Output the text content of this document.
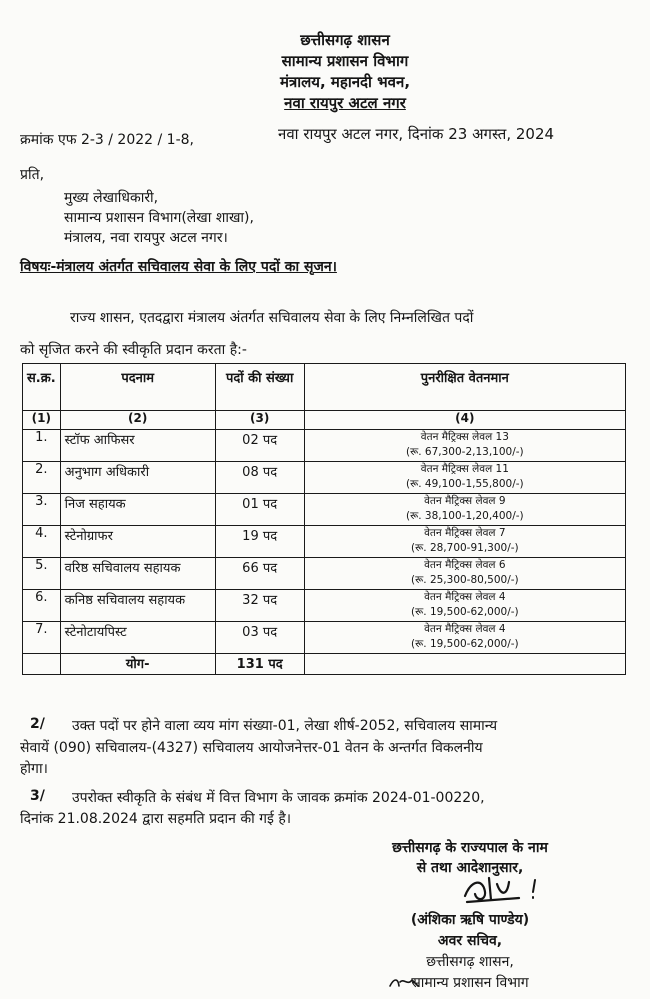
छत्तीसगढ़ शासन
सामान्य प्रशासन विभाग
मंत्रालय, महानदी भवन,
नवा रायपुर अटल नगर
क्रमांक एफ 2-3 / 2022 / 1-8,	नवा रायपुर अटल नगर, दिनांक 23 अगस्त, 2024
प्रति,
मुख्य लेखाधिकारी,
सामान्य प्रशासन विभाग(लेखा शाखा),
मंत्रालय, नवा रायपुर अटल नगर।
विषयः-मंत्रालय अंतर्गत सचिवालय सेवा के लिए पदों का सृजन।
राज्य शासन, एतदद्वारा मंत्रालय अंतर्गत सचिवालय सेवा के लिए निम्नलिखित पदों
को सृजित करने की स्वीकृति प्रदान करता है:-
स.क्र.	पदनाम	पदों की संख्या	पुनरीक्षित वेतनमान
(1)	(2)	(3)	(4)
1.	स्टॉफ आफिसर	02 पद	वेतन मैट्रिक्स लेवल 13
(रू. 67,300-2,13,100/-)

2.	अनुभाग अधिकारी	08 पद	वेतन मैट्रिक्स लेवल 11
(रू. 49,100-1,55,800/-)

3.	निज सहायक	01 पद	वेतन मैट्रिक्स लेवल 9
(रू. 38,100-1,20,400/-)

4.	स्टेनोग्राफर	19 पद	वेतन मैट्रिक्स लेवल 7
(रू. 28,700-91,300/-)

5.	वरिष्ठ सचिवालय सहायक	66 पद	वेतन मैट्रिक्स लेवल 6
(रू. 25,300-80,500/-)

6.	कनिष्ठ सचिवालय सहायक	32 पद	वेतन मैट्रिक्स लेवल 4
(रू. 19,500-62,000/-)

7.	स्टेनोटायपिस्ट	03 पद	वेतन मैट्रिक्स लेवल 4
(रू. 19,500-62,000/-)

	योग-	131 पद	
2/ उक्त पदों पर होने वाला व्यय मांग संख्या-01, लेखा शीर्ष-2052, सचिवालय सामान्य
सेवायें (090) सचिवालय-(4327) सचिवालय आयोजनेत्तर-01 वेतन के अन्तर्गत विकलनीय
होगा।
3/ उपरोक्त स्वीकृति के संबंध में वित्त विभाग के जावक क्रमांक 2024-01-00220,
दिनांक 21.08.2024 द्वारा सहमति प्रदान की गई है।
छत्तीसगढ़ के राज्यपाल के नाम
से तथा आदेशानुसार,
(अंशिका ऋषि पाण्डेय)
अवर सचिव,
छत्तीसगढ़ शासन,
सामान्य प्रशासन विभाग
